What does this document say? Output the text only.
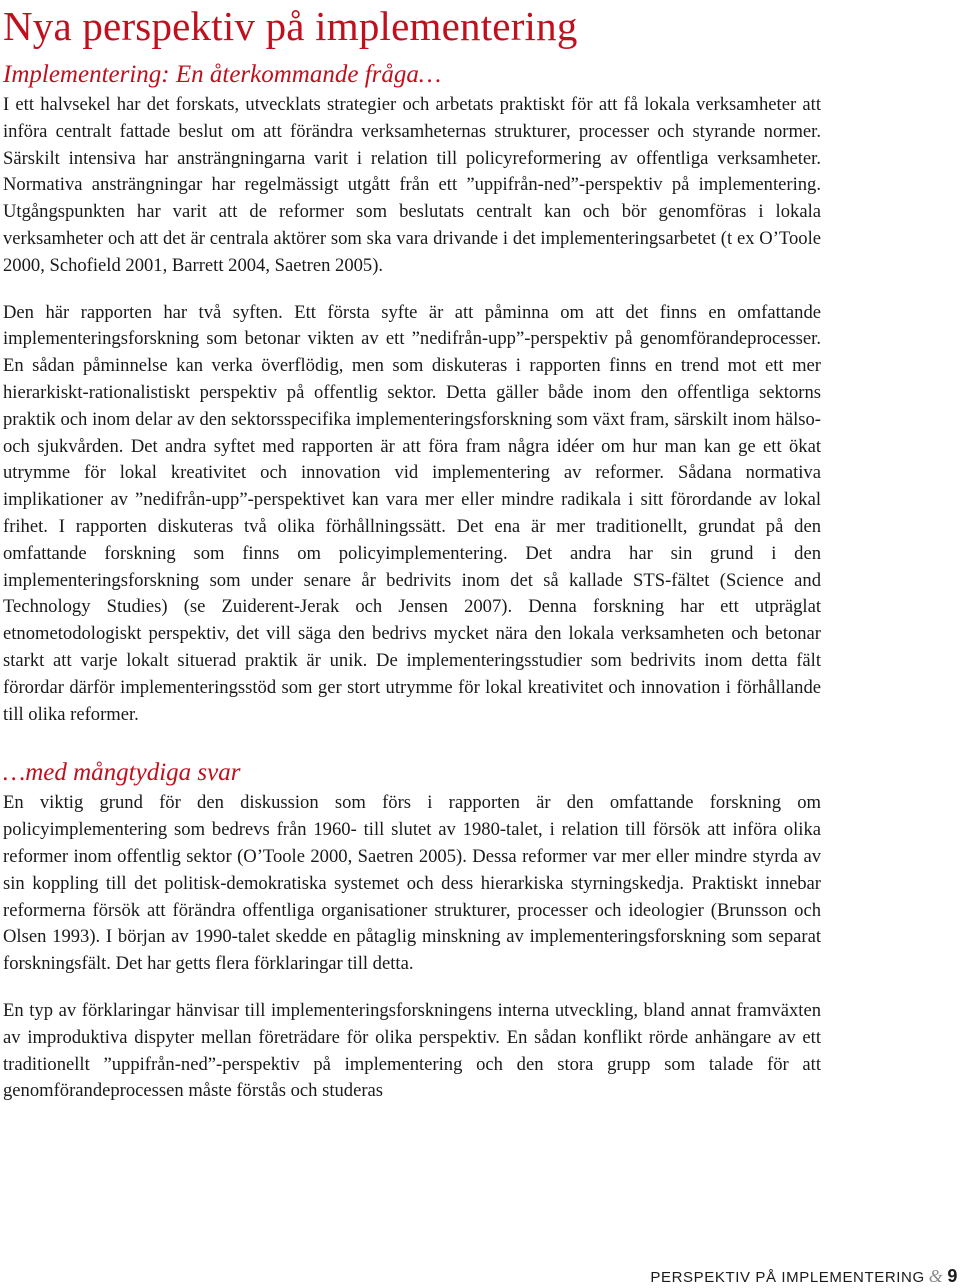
Nya perspektiv på implementering
Implementering: En återkommande fråga…

I ett halvsekel har det forskats, utvecklats strategier och arbetats praktiskt för att få lokala verksamheter att införa centralt fattade beslut om att förändra verksamheternas strukturer, processer och styrande normer. Särskilt intensiva har ansträngningarna varit i relation till policyreformering av offentliga verksamheter. Normativa ansträngningar har regelmässigt utgått från ett ”uppifrån-ned”-perspektiv på implementering. Utgångspunkten har varit att de reformer som beslutats centralt kan och bör genomföras i lokala verksamheter och att det är centrala aktörer som ska vara drivande i det implementeringsarbetet (t ex O’Toole 2000, Schofield 2001, Barrett 2004, Saetren 2005).

Den här rapporten har två syften. Ett första syfte är att påminna om att det finns en omfattande implementeringsforskning som betonar vikten av ett ”nedifrån-upp”-perspektiv på genomförandeprocesser. En sådan påminnelse kan verka överflödig, men som diskuteras i rapporten finns en trend mot ett mer hierarkiskt-rationalistiskt perspektiv på offentlig sektor. Detta gäller både inom den offentliga sektorns praktik och inom delar av den sektorsspecifika implementeringsforskning som växt fram, särskilt inom hälso- och sjukvården. Det andra syftet med rapporten är att föra fram några idéer om hur man kan ge ett ökat utrymme för lokal kreativitet och innovation vid implementering av reformer. Sådana normativa implikationer av ”nedifrån-upp”-perspektivet kan vara mer eller mindre radikala i sitt förordande av lokal frihet. I rapporten diskuteras två olika förhållningssätt. Det ena är mer traditionellt, grundat på den omfattande forskning som finns om policyimplementering. Det andra har sin grund i den implementeringsforskning som under senare år bedrivits inom det så kallade STS-fältet (Science and Technology Studies) (se Zuiderent-Jerak och Jensen 2007). Denna forskning har ett utpräglat etnometodologiskt perspektiv, det vill säga den bedrivs mycket nära den lokala verksamheten och betonar starkt att varje lokalt situerad praktik är unik. De implementeringsstudier som bedrivits inom detta fält förordar därför implementeringsstöd som ger stort utrymme för lokal kreativitet och innovation i förhållande till olika reformer.

…med mångtydiga svar

En viktig grund för den diskussion som förs i rapporten är den omfattande forskning om policyimplementering som bedrevs från 1960- till slutet av 1980-talet, i relation till försök att införa olika reformer inom offentlig sektor (O’Toole 2000, Saetren 2005). Dessa reformer var mer eller mindre styrda av sin koppling till det politisk-demokratiska systemet och dess hierarkiska styrningskedja. Praktiskt innebar reformerna försök att förändra offentliga organisationer strukturer, processer och ideologier (Brunsson och Olsen 1993). I början av 1990-talet skedde en påtaglig minskning av implementeringsforskning som separat forskningsfält. Det har getts flera förklaringar till detta.

En typ av förklaringar hänvisar till implementeringsforskningens interna utveckling, bland annat framväxten av improduktiva dispyter mellan företrädare för olika perspektiv. En sådan konflikt rörde anhängare av ett traditionellt ”uppifrån-ned”-perspektiv på implementering och den stora grupp som talade för att genomförandeprocessen måste förstås och studeras

PERSPEKTIV PÅ IMPLEMENTERING & 9
